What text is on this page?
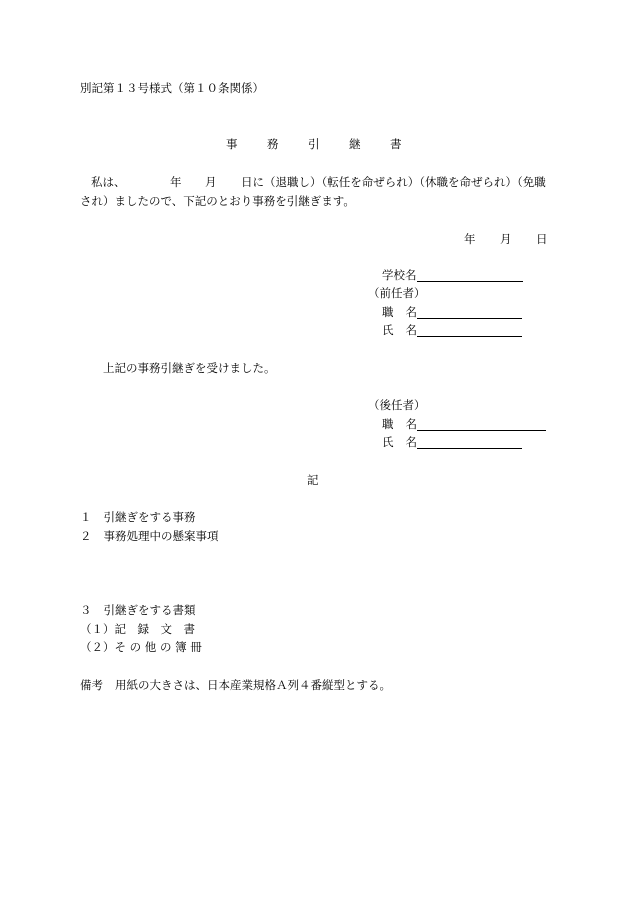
別記第１３号様式（第１０条関係）
事	務	引	継	書
私は、	年 月 日に（退職し）（転任を命ぜられ）（休職を命ぜられ）（免職
され）ましたので、下記のとおり事務を引継ぎます。
年 月 日
学校名
（前任者）
職 名
氏 名
上記の事務引継ぎを受けました。
（後任者）
職 名
氏 名
記
１ 引継ぎをする事務
２ 事務処理中の懸案事項
３ 引継ぎをする書類
（１）記　録　文　書
（２）そ の 他 の 簿 冊
備考 用紙の大きさは、日本産業規格Ａ列４番縦型とする。
